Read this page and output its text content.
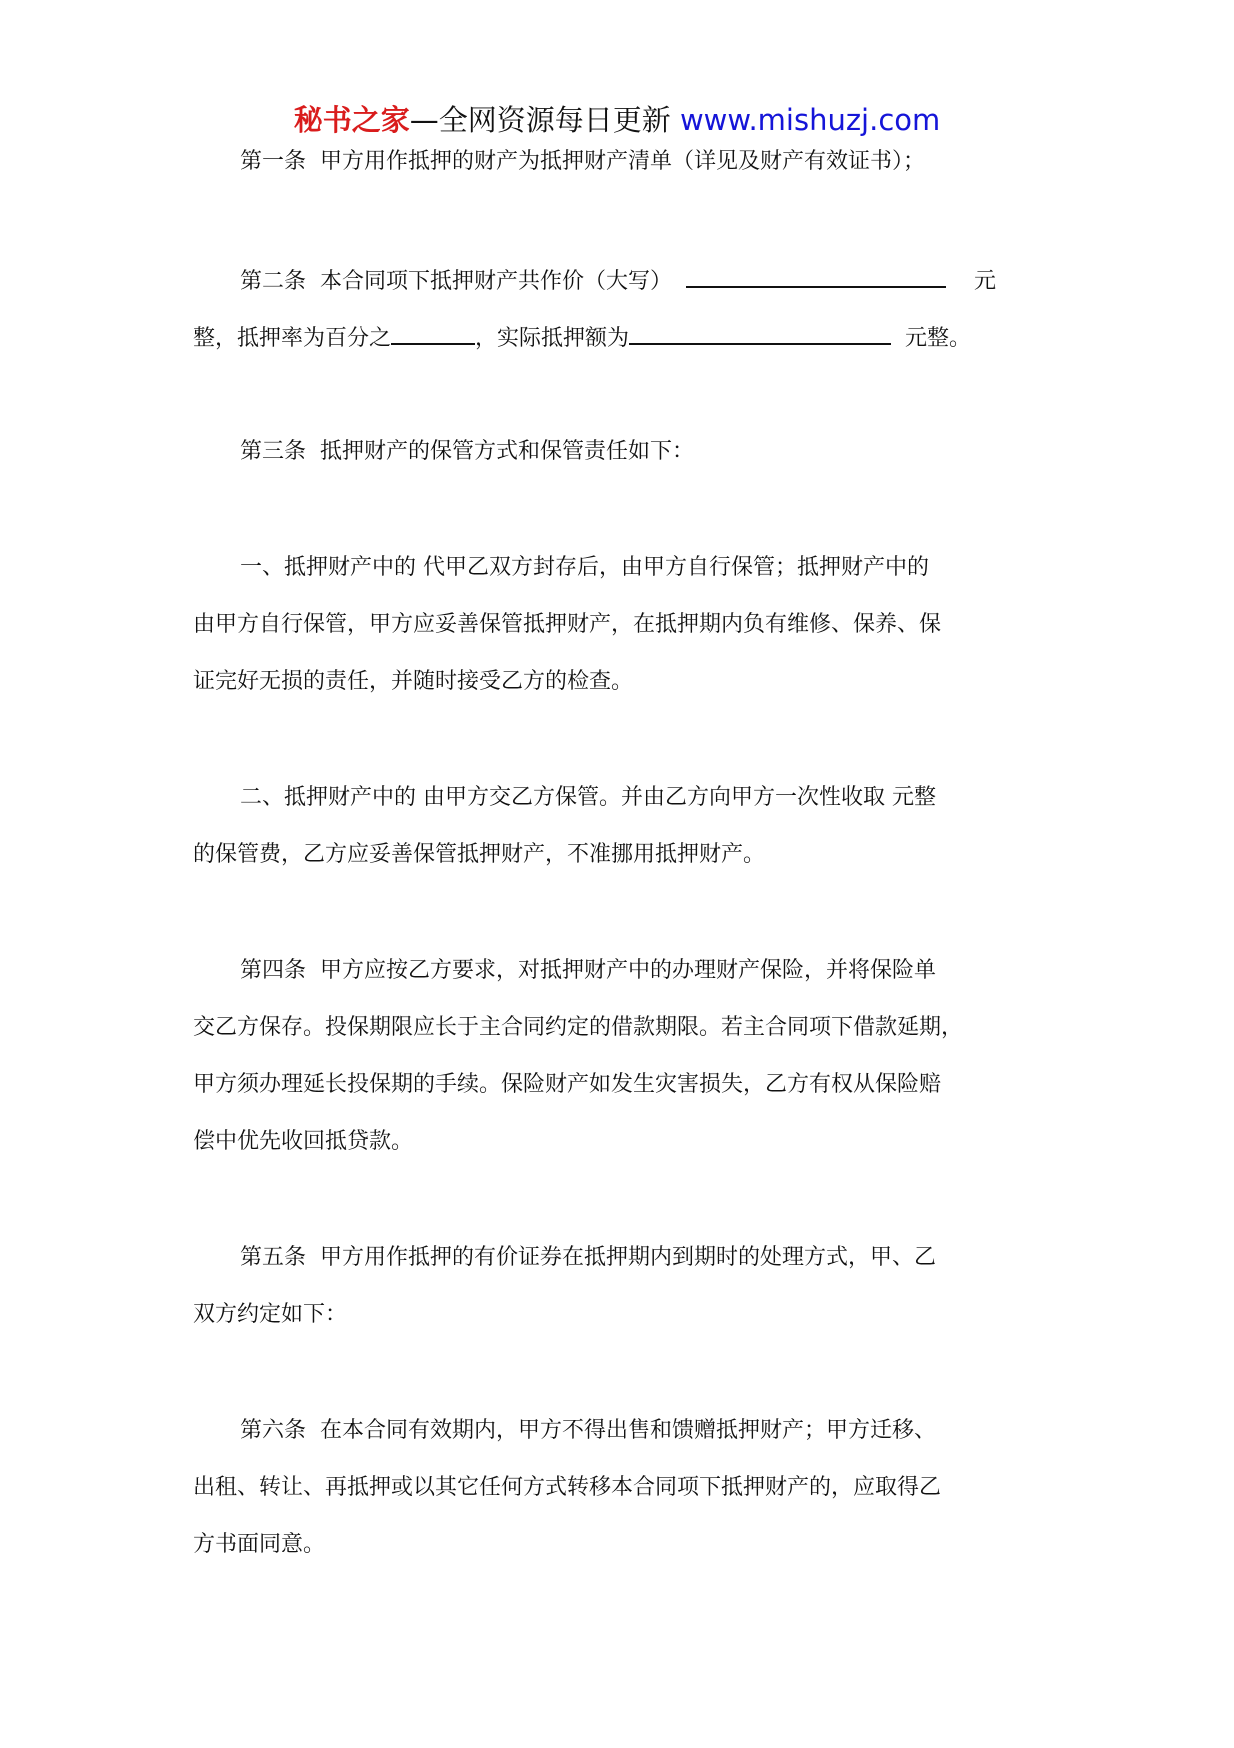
秘书之家—全网资源每日更新 www.mishuzj.com
第一条 甲方用作抵押的财产为抵押财产清单（详见及财产有效证书）；
第二条 本合同项下抵押财产共作价（大写）	元
整，抵押率为百分之	，实际抵押额为	元整。
第三条 抵押财产的保管方式和保管责任如下：
一、抵押财产中的 代甲乙双方封存后，由甲方自行保管；抵押财产中的
由甲方自行保管，甲方应妥善保管抵押财产，在抵押期内负有维修、保养、保
证完好无损的责任，并随时接受乙方的检查。
二、抵押财产中的 由甲方交乙方保管。并由乙方向甲方一次性收取 元整
的保管费，乙方应妥善保管抵押财产，不准挪用抵押财产。
第四条 甲方应按乙方要求，对抵押财产中的办理财产保险，并将保险单
交乙方保存。投保期限应长于主合同约定的借款期限。若主合同项下借款延期，
甲方须办理延长投保期的手续。保险财产如发生灾害损失，乙方有权从保险赔
偿中优先收回抵贷款。
第五条 甲方用作抵押的有价证券在抵押期内到期时的处理方式，甲、乙
双方约定如下：
第六条 在本合同有效期内，甲方不得出售和馈赠抵押财产；甲方迁移、
出租、转让、再抵押或以其它任何方式转移本合同项下抵押财产的，应取得乙
方书面同意。
